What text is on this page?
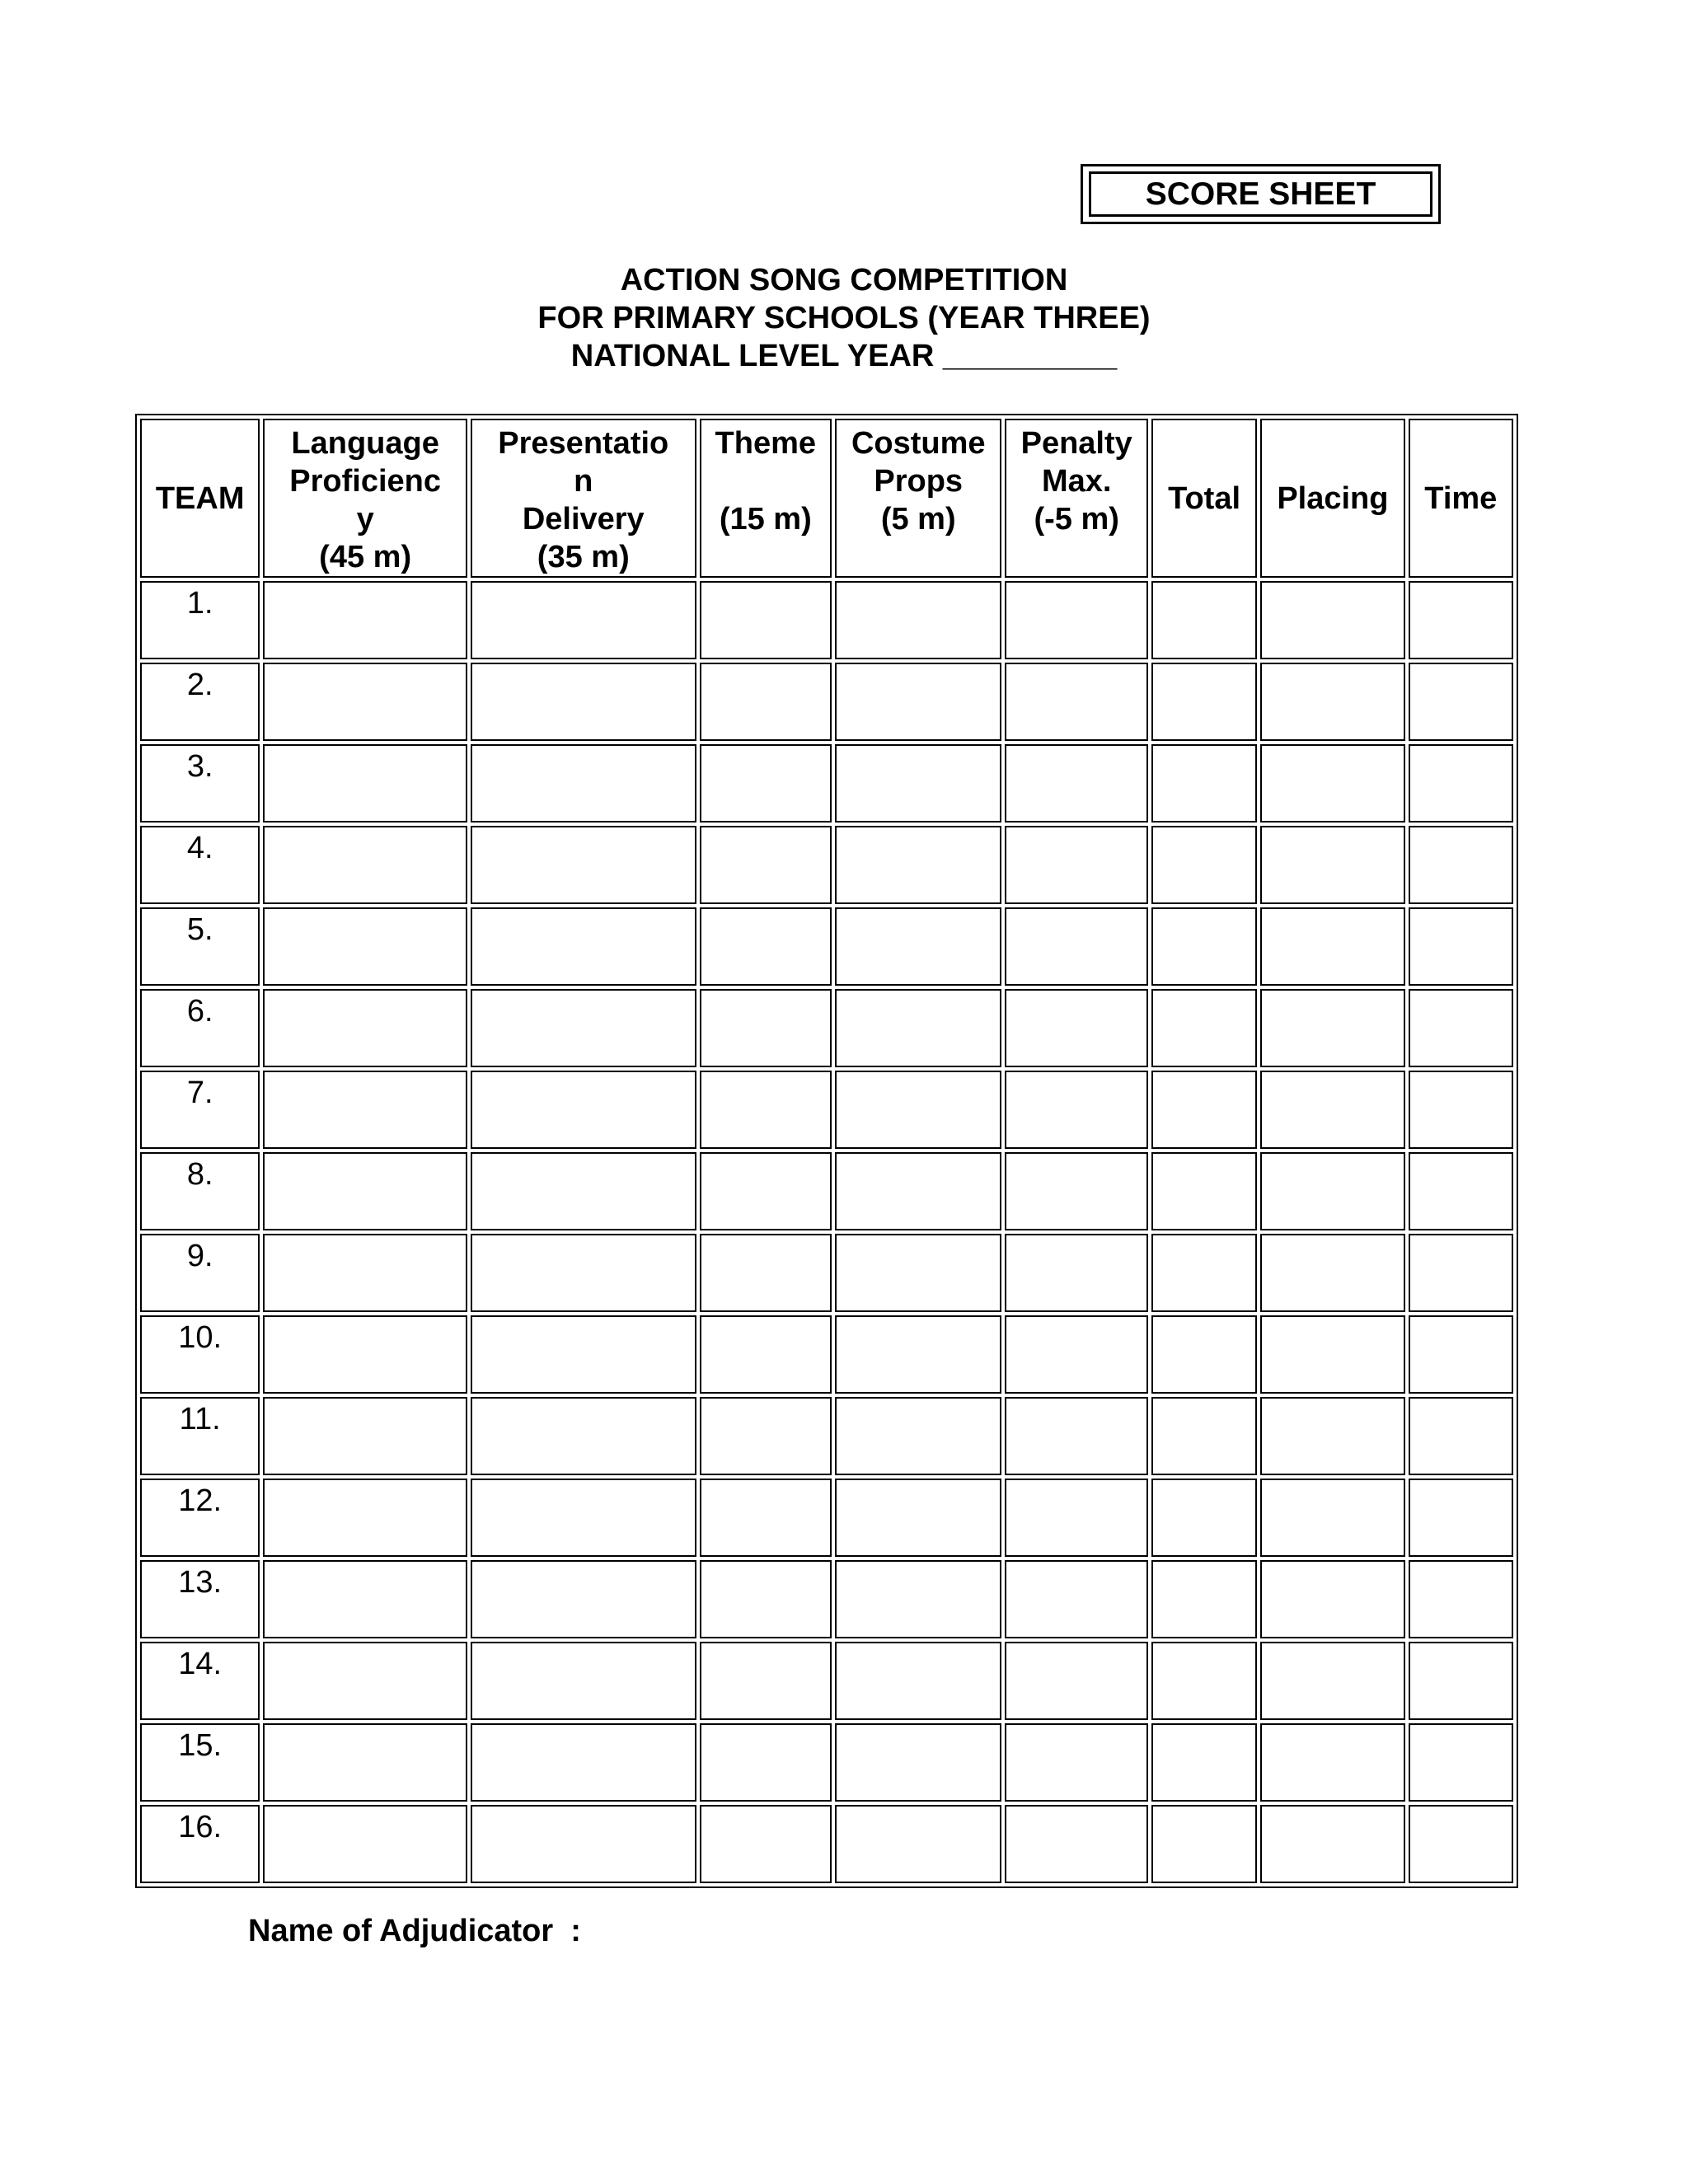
SCORE SHEET
ACTION SONG COMPETITION
FOR PRIMARY SCHOOLS (YEAR THREE)
NATIONAL LEVEL YEAR __________
TEAM	Language
Proficienc
y
(45 m)	Presentatio
n
Delivery
(35 m)	Theme

(15 m)	Costume
Props
(5 m)	Penalty
Max.
(-5 m)	Total	Placing	Time

1.								
2.								
3.								
4.								
5.								
6.								
7.								
8.								
9.								
10.								
11.								
12.								
13.								
14.								
15.								
16.								
Name of Adjudicator  :
